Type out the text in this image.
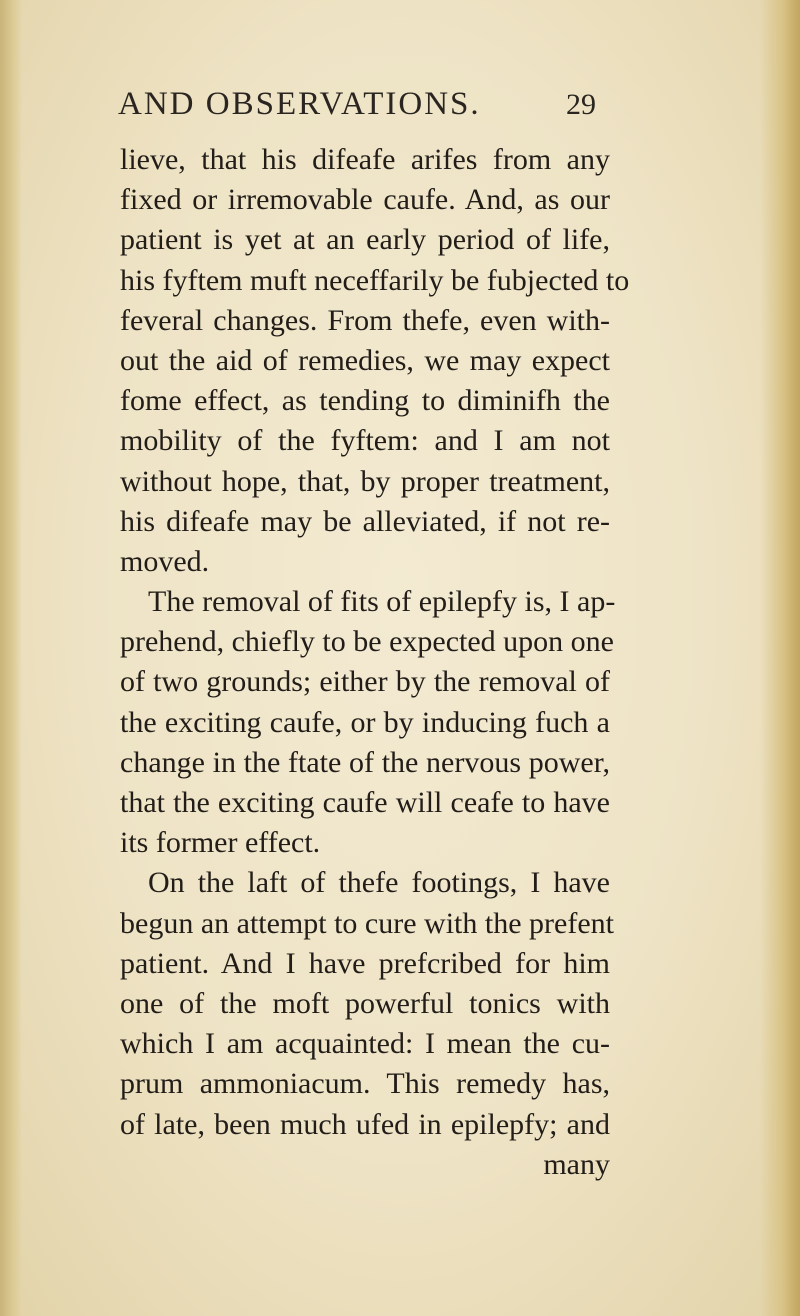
AND OBSERVATIONS.	29
lieve, that his difeafe arifes from any
fixed or irremovable caufe. And, as our
patient is yet at an early period of life,
his fyftem muft neceffarily be fubjected to
feveral changes. From thefe, even with-
out the aid of remedies, we may expect
fome effect, as tending to diminifh the
mobility of the fyftem: and I am not
without hope, that, by proper treatment,
his difeafe may be alleviated, if not re-
moved.
The removal of fits of epilepfy is, I ap-
prehend, chiefly to be expected upon one
of two grounds; either by the removal of
the exciting caufe, or by inducing fuch a
change in the ftate of the nervous power,
that the exciting caufe will ceafe to have
its former effect.
On the laft of thefe footings, I have
begun an attempt to cure with the prefent
patient. And I have prefcribed for him
one of the moft powerful tonics with
which I am acquainted: I mean the cu-
prum ammoniacum. This remedy has,
of late, been much ufed in epilepfy; and
many
